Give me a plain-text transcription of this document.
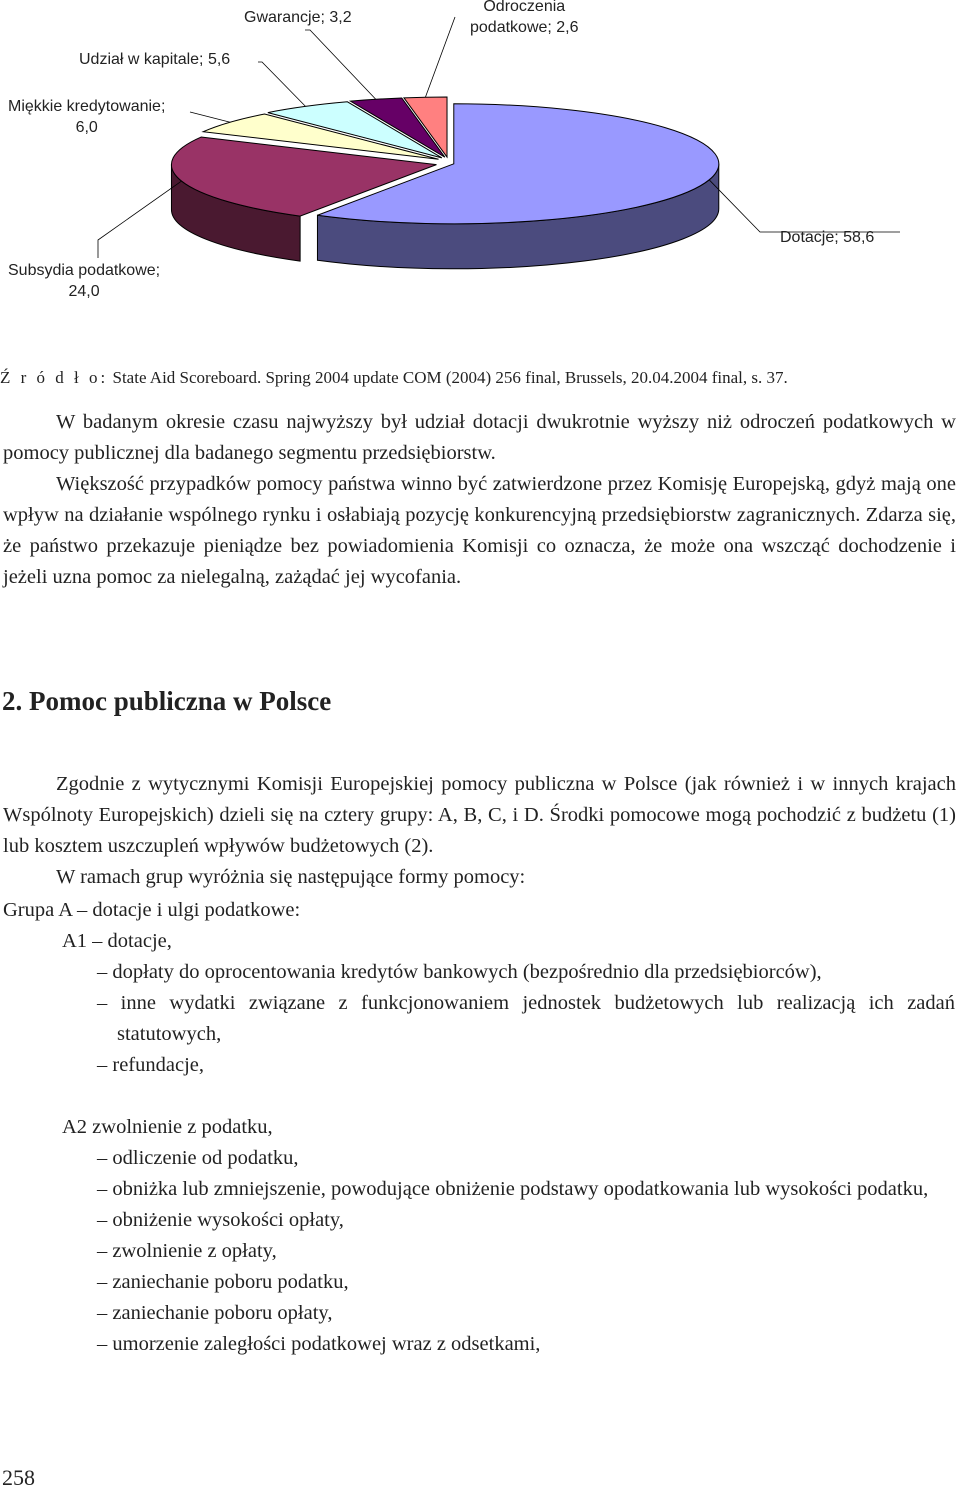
Gwarancje; 3,2
Odroczenia
podatkowe; 2,6
Udział w kapitale; 5,6
Miękkie kredytowanie;
6,0
Dotacje; 58,6
Subsydia podatkowe;
24,0
Ź r ó d ł o: State Aid Scoreboard. Spring 2004 update COM (2004) 256 final, Brussels, 20.04.2004 final, s. 37.

W badanym okresie czasu najwyższy był udział dotacji dwukrotnie wyższy niż odroczeń podatkowych w pomocy publicznej dla badanego segmentu przedsiębiorstw.

Większość przypadków pomocy państwa winno być zatwierdzone przez Komisję Europejską, gdyż mają one wpływ na działanie wspólnego rynku i osłabiają pozycję konkurencyjną przedsiębiorstw zagranicznych. Zdarza się, że państwo przekazuje pieniądze bez powiadomienia Komisji co oznacza, że może ona wszcząć dochodzenie i jeżeli uzna pomoc za nielegalną, zażądać jej wycofania.

2. Pomoc publiczna w Polsce

Zgodnie z wytycznymi Komisji Europejskiej pomocy publiczna w Polsce (jak również i w innych krajach Wspólnoty Europejskich) dzieli się na cztery grupy: A, B, C, i D. Środki pomocowe mogą pochodzić z budżetu (1) lub kosztem uszczupleń wpływów budżetowych (2).

W ramach grup wyróżnia się następujące formy pomocy:

Grupa A – dotacje i ulgi podatkowe:
A1 – dotacje,

– dopłaty do oprocentowania kredytów bankowych (bezpośrednio dla przedsiębiorców),

– inne wydatki związane z funkcjonowaniem jednostek budżetowych lub realizacją ich zadań statutowych,

– refundacje,

A2 zwolnienie z podatku,

– odliczenie od podatku,

– obniżka lub zmniejszenie, powodujące obniżenie podstawy opodatkowania lub wysokości podatku,

– obniżenie wysokości opłaty,

– zwolnienie z opłaty,

– zaniechanie poboru podatku,

– zaniechanie poboru opłaty,

– umorzenie zaległości podatkowej wraz z odsetkami,

258
